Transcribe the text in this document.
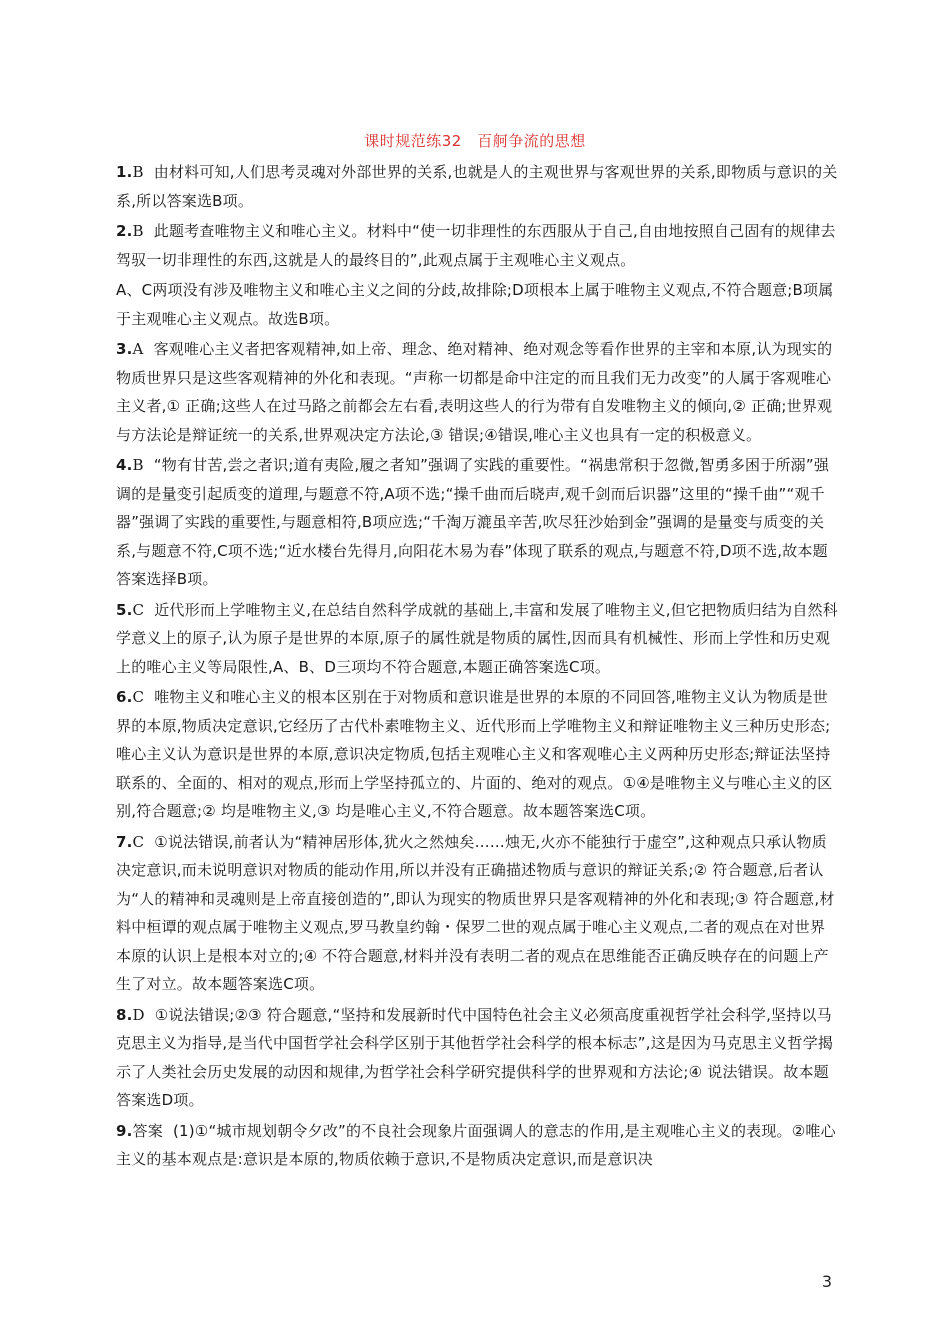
课时规范练32　百舸争流的思想

1.B 由材料可知,人们思考灵魂对外部世界的关系,也就是人的主观世界与客观世界的关系,即物质与意识的关系,所以答案选B项。

2.B 此题考查唯物主义和唯心主义。材料中“使一切非理性的东西服从于自己,自由地按照自己固有的规律去驾驭一切非理性的东西,这就是人的最终目的”,此观点属于主观唯心主义观点。

A、C两项没有涉及唯物主义和唯心主义之间的分歧,故排除;D项根本上属于唯物主义观点,不符合题意;B项属于主观唯心主义观点。故选B项。

3.A 客观唯心主义者把客观精神,如上帝、理念、绝对精神、绝对观念等看作世界的主宰和本原,认为现实的物质世界只是这些客观精神的外化和表现。“声称一切都是命中注定的而且我们无力改变”的人属于客观唯心主义者,① 正确;这些人在过马路之前都会左右看,表明这些人的行为带有自发唯物主义的倾向,② 正确;世界观与方法论是辩证统一的关系,世界观决定方法论,③ 错误;④错误,唯心主义也具有一定的积极意义。

4.B “物有甘苦,尝之者识;道有夷险,履之者知”强调了实践的重要性。“祸患常积于忽微,智勇多困于所溺”强调的是量变引起质变的道理,与题意不符,A项不选;“操千曲而后晓声,观千剑而后识器”这里的“操千曲”“观千器”强调了实践的重要性,与题意相符,B项应选;“千淘万漉虽辛苦,吹尽狂沙始到金”强调的是量变与质变的关系,与题意不符,C项不选;“近水楼台先得月,向阳花木易为春”体现了联系的观点,与题意不符,D项不选,故本题答案选择B项。

5.C 近代形而上学唯物主义,在总结自然科学成就的基础上,丰富和发展了唯物主义,但它把物质归结为自然科学意义上的原子,认为原子是世界的本原,原子的属性就是物质的属性,因而具有机械性、形而上学性和历史观上的唯心主义等局限性,A、B、D三项均不符合题意,本题正确答案选C项。

6.C 唯物主义和唯心主义的根本区别在于对物质和意识谁是世界的本原的不同回答,唯物主义认为物质是世界的本原,物质决定意识,它经历了古代朴素唯物主义、近代形而上学唯物主义和辩证唯物主义三种历史形态;唯心主义认为意识是世界的本原,意识决定物质,包括主观唯心主义和客观唯心主义两种历史形态;辩证法坚持联系的、全面的、相对的观点,形而上学坚持孤立的、片面的、绝对的观点。①④是唯物主义与唯心主义的区别,符合题意;② 均是唯物主义,③ 均是唯心主义,不符合题意。故本题答案选C项。

7.C ①说法错误,前者认为“精神居形体,犹火之然烛矣……烛无,火亦不能独行于虚空”,这种观点只承认物质决定意识,而未说明意识对物质的能动作用,所以并没有正确描述物质与意识的辩证关系;② 符合题意,后者认为“人的精神和灵魂则是上帝直接创造的”,即认为现实的物质世界只是客观精神的外化和表现;③ 符合题意,材料中桓谭的观点属于唯物主义观点,罗马教皇约翰・保罗二世的观点属于唯心主义观点,二者的观点在对世界本原的认识上是根本对立的;④ 不符合题意,材料并没有表明二者的观点在思维能否正确反映存在的问题上产生了对立。故本题答案选C项。

8.D ①说法错误;②③ 符合题意,“坚持和发展新时代中国特色社会主义必须高度重视哲学社会科学,坚持以马克思主义为指导,是当代中国哲学社会科学区别于其他哲学社会科学的根本标志”,这是因为马克思主义哲学揭示了人类社会历史发展的动因和规律,为哲学社会科学研究提供科学的世界观和方法论;④ 说法错误。故本题答案选D项。

9.答案 (1)①“城市规划朝令夕改”的不良社会现象片面强调人的意志的作用,是主观唯心主义的表现。②唯心主义的基本观点是:意识是本原的,物质依赖于意识,不是物质决定意识,而是意识决

3
